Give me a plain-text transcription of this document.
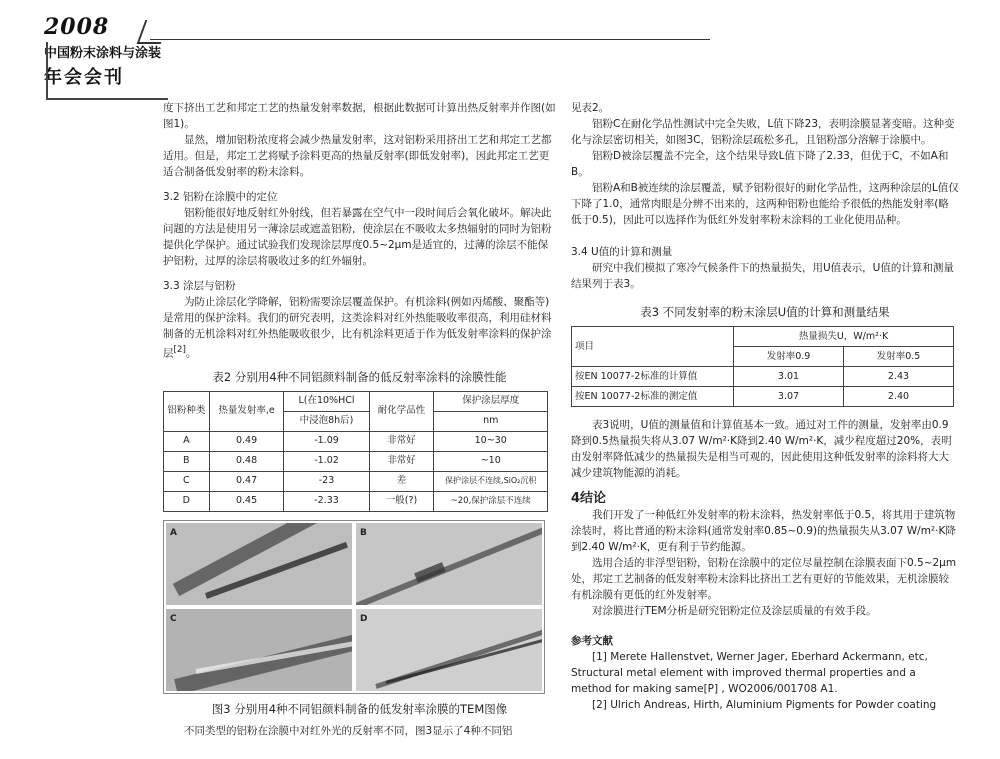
2008
中国粉末涂料与涂装
年会会刊

度下挤出工艺和邦定工艺的热量发射率数据，根据此数据可计算出热反射率并作图(如图1)。

显然，增加铝粉浓度将会减少热量发射率，这对铝粉采用挤出工艺和邦定工艺都适用。但是，邦定工艺将赋予涂料更高的热量反射率(即低发射率)，因此邦定工艺更适合制备低发射率的粉末涂料。

3.2 铝粉在涂膜中的定位

铝粉能很好地反射红外射线，但若暴露在空气中一段时间后会氧化破坏。解决此问题的方法是使用另一薄涂层或遮盖铝粉，使涂层在不吸收太多热辐射的同时为铝粉提供化学保护。通过试验我们发现涂层厚度0.5~2μm是适宜的，过薄的涂层不能保护铝粉，过厚的涂层将吸收过多的红外辐射。

3.3 涂层与铝粉

为防止涂层化学降解，铝粉需要涂层覆盖保护。有机涂料(例如丙烯酸、聚酯等)是常用的保护涂料。我们的研究表明，这类涂料对红外热能吸收率很高，利用硅材料制备的无机涂料对红外热能吸收很少，比有机涂料更适于作为低发射率涂料的保护涂层[2]。

表2 分别用4种不同铝颜料制备的低反射率涂料的涂膜性能
铝粉种类	热量发射率,e	L(在10%HCl	耐化学品性	保护涂层厚度
		中浸泡8h后)		nm
A	0.49	-1.09	非常好	10~30
B	0.48	-1.02	非常好	~10
C	0.47	-23	差	保护涂层不连续,SiO₂沉积
D	0.45	-2.33	一般(?)	~20,保护涂层不连续
A	B
C	D
图3 分别用4种不同铝颜料制备的低发射率涂膜的TEM图像

不同类型的铝粉在涂膜中对红外光的反射率不同，图3显示了4种不同铝

见表2。

铝粉C在耐化学品性测试中完全失败，L值下降23，表明涂膜显著变暗。这种变化与涂层密切相关，如图3C，铝粉涂层疏松多孔，且铝粉部分溶解于涂膜中。

铝粉D被涂层覆盖不完全，这个结果导致L值下降了2.33，但优于C，不如A和B。

铝粉A和B被连续的涂层覆盖，赋予铝粉很好的耐化学品性，这两种涂层的L值仅下降了1.0，通常肉眼是分辨不出来的，这两种铝粉也能给予很低的热能发射率(略低于0.5)，因此可以选择作为低红外发射率粉末涂料的工业化使用品种。

3.4 U值的计算和测量

研究中我们模拟了寒冷气候条件下的热量损失，用U值表示，U值的计算和测量结果列于表3。

表3 不同发射率的粉末涂层U值的计算和测量结果
项目	热量损失U，W/m²·K	
	发射率0.9	发射率0.5
按EN 10077-2标准的计算值	3.01	2.43
按EN 10077-2标准的测定值	3.07	2.40

表3说明，U值的测量值和计算值基本一致。通过对工件的测量，发射率由0.9降到0.5热量损失将从3.07 W/m²·K降到2.40 W/m²·K，减少程度超过20%，表明由发射率降低减少的热量损失是相当可观的，因此使用这种低发射率的涂料将大大减少建筑物能源的消耗。

4结论

我们开发了一种低红外发射率的粉末涂料，热发射率低于0.5，将其用于建筑物涂装时，将比普通的粉末涂料(通常发射率0.85~0.9)的热量损失从3.07 W/m²·K降到2.40 W/m²·K，更有利于节约能源。

选用合适的非浮型铝粉，铝粉在涂膜中的定位尽量控制在涂膜表面下0.5~2μm处，邦定工艺制备的低发射率粉末涂料比挤出工艺有更好的节能效果，无机涂膜较有机涂膜有更低的红外发射率。

对涂膜进行TEM分析是研究铝粉定位及涂层质量的有效手段。

参考文献

[1] Merete Hallenstvet, Werner Jager, Eberhard Ackermann, etc, Structural metal element with improved thermal properties and a method for making same[P] , WO2006/001708 A1.

[2] Ulrich Andreas, Hirth, Aluminium Pigments for Powder coating
